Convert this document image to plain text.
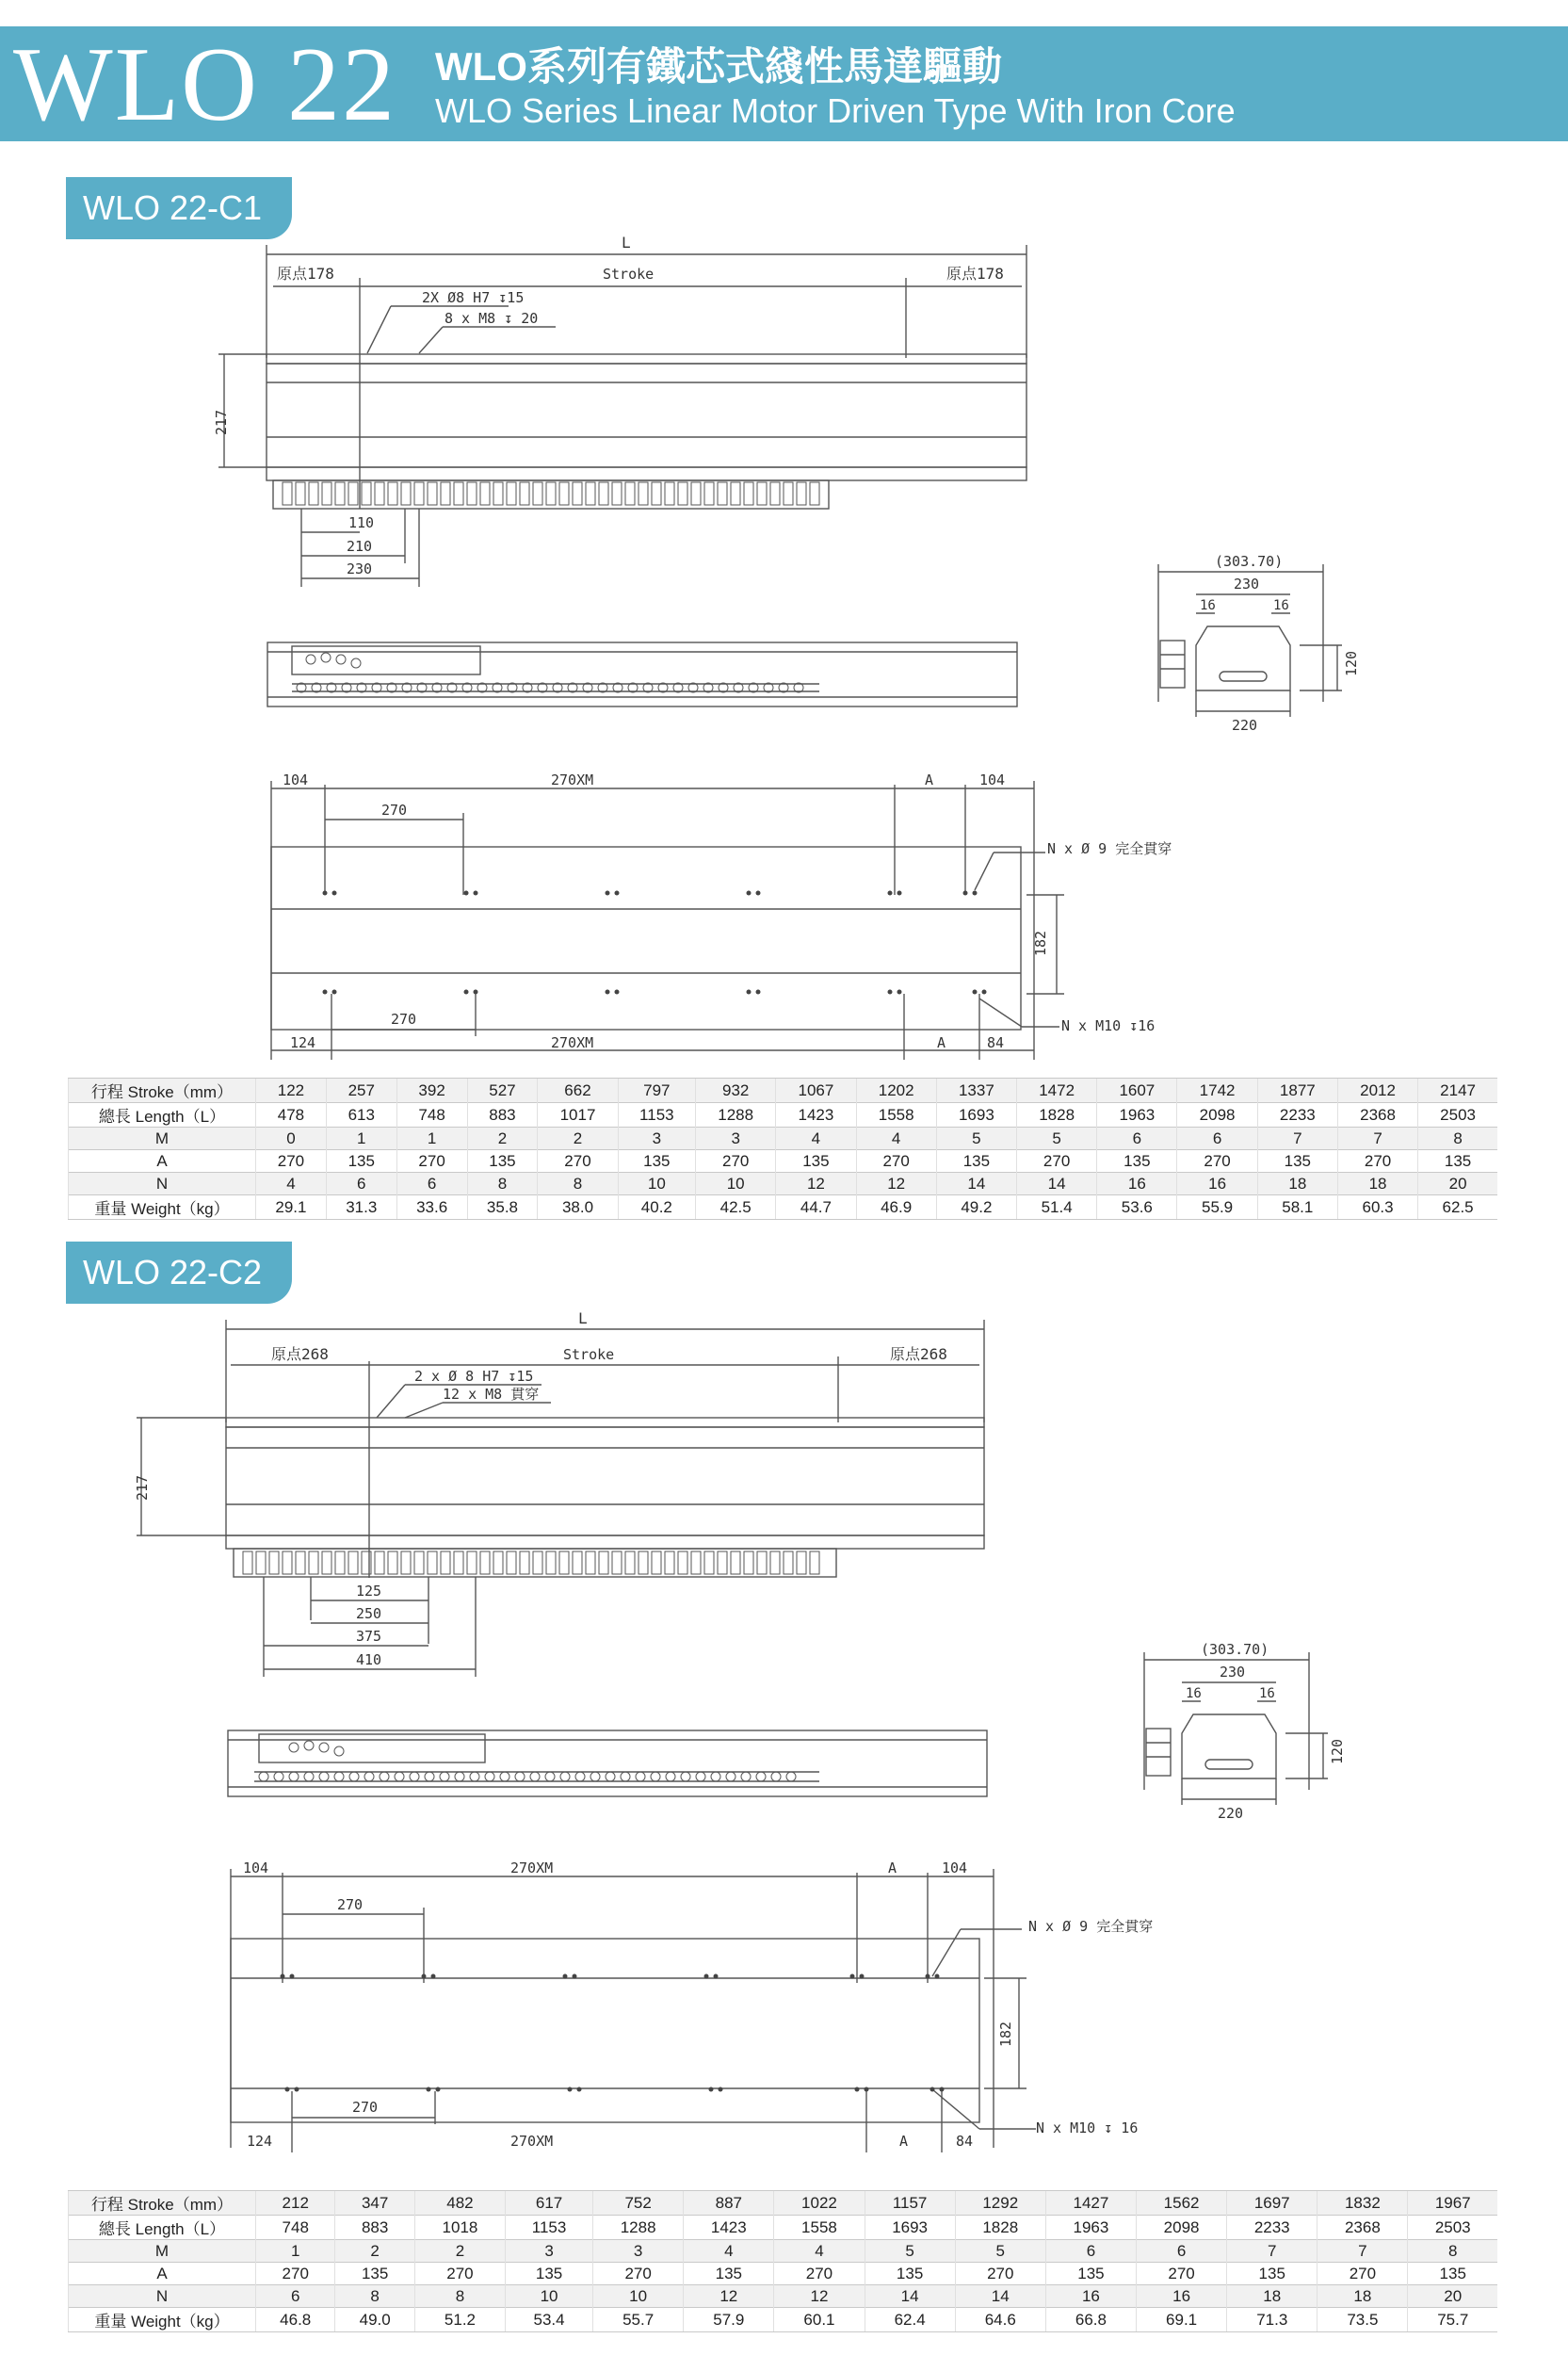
WLO 22 WLO系列有鐵芯式綫性馬達驅動
WLO Series Linear Motor Driven Type With Iron Core
WLO 22-C1
L
Stroke
原点178	原点178
2X Ø8 H7 ↧15
8 x M8 ↧ 20
217
110
210
230	(303.70)
230
16	16
120
220
104	270XM	A	104
270
N x Ø 9 完全貫穿
182
270
124	270XM	A	84
N x M10 ↧16
行程 Stroke（mm）	122	257	392	527	662	797	932	1067	1202	1337	1472	1607	1742	1877	2012	2147
總長 Length（L）	478	613	748	883	1017	1153	1288	1423	1558	1693	1828	1963	2098	2233	2368	2503
M	0	1	1	2	2	3	3	4	4	5	5	6	6	7	7	8
A	270	135	270	135	270	135	270	135	270	135	270	135	270	135	270	135
N	4	6	6	8	8	10	10	12	12	14	14	16	16	18	18	20
重量 Weight（kg）	29.1	31.3	33.6	35.8	38.0	40.2	42.5	44.7	46.9	49.2	51.4	53.6	55.9	58.1	60.3	62.5
WLO 22-C2
L
Stroke
原点268	原点268
2 x Ø 8 H7 ↧15
12 x M8 貫穿
217
125
250
375
410
(303.70)
230
16	16
120
220
104	270XM	A	104
270
N x Ø 9 完全貫穿
182
270
124	270XM	A	84
N x M10 ↧ 16
行程 Stroke（mm）	212	347	482	617	752	887	1022	1157	1292	1427	1562	1697	1832	1967
總長 Length（L）	748	883	1018	1153	1288	1423	1558	1693	1828	1963	2098	2233	2368	2503
M	1	2	2	3	3	4	4	5	5	6	6	7	7	8
A	270	135	270	135	270	135	270	135	270	135	270	135	270	135
N	6	8	8	10	10	12	12	14	14	16	16	18	18	20
重量 Weight（kg）	46.8	49.0	51.2	53.4	55.7	57.9	60.1	62.4	64.6	66.8	69.1	71.3	73.5	75.7
